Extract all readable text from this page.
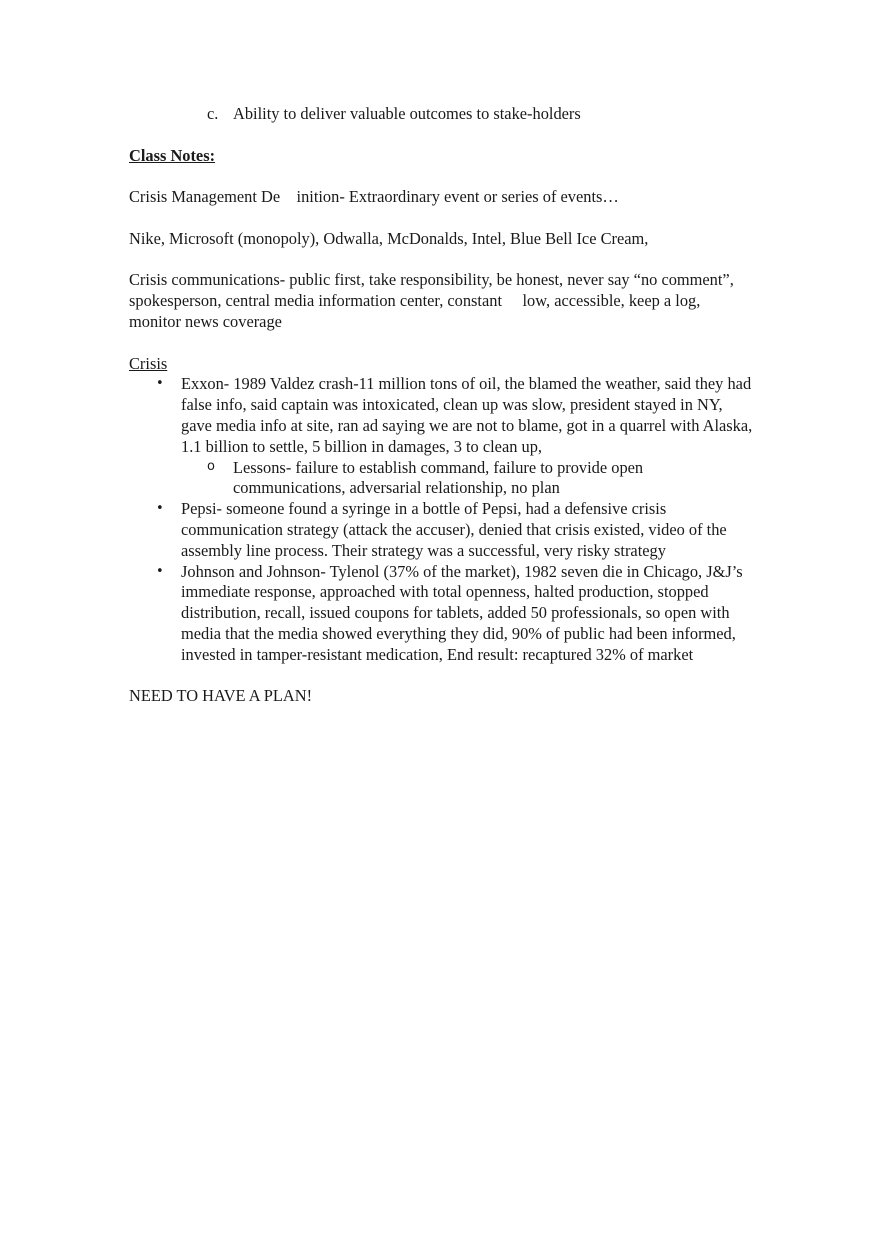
c. Ability to deliver valuable outcomes to stake-holders

Class Notes:

Crisis Management De    inition- Extraordinary event or series of events…

Nike, Microsoft (monopoly), Odwalla, McDonalds, Intel, Blue Bell Ice Cream,

Crisis communications- public first, take responsibility, be honest, never say “no comment”, spokesperson, central media information center, constant     low, accessible, keep a log, monitor news coverage

Crisis

• Exxon- 1989 Valdez crash-11 million tons of oil, the blamed the weather, said they had false info, said captain was intoxicated, clean up was slow, president stayed in NY, gave media info at site, ran ad saying we are not to blame, got in a quarrel with Alaska, 1.1 billion to settle, 5 billion in damages, 3 to clean up,
o Lessons- failure to establish command, failure to provide open communications, adversarial relationship, no plan
• Pepsi- someone found a syringe in a bottle of Pepsi, had a defensive crisis communication strategy (attack the accuser), denied that crisis existed, video of the assembly line process. Their strategy was a successful, very risky strategy
• Johnson and Johnson- Tylenol (37% of the market), 1982 seven die in Chicago, J&J’s immediate response, approached with total openness, halted production, stopped distribution, recall, issued coupons for tablets, added 50 professionals, so open with media that the media showed everything they did, 90% of public had been informed, invested in tamper-resistant medication, End result: recaptured 32% of market

NEED TO HAVE A PLAN!
